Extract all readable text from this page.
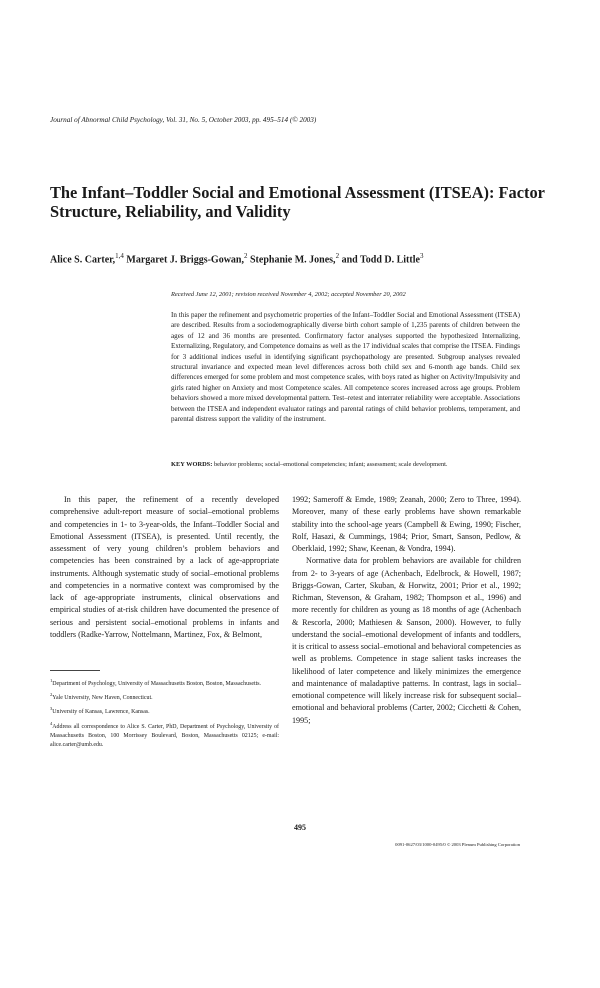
Journal of Abnormal Child Psychology, Vol. 31, No. 5, October 2003, pp. 495–514 (© 2003)
The Infant–Toddler Social and Emotional Assessment (ITSEA): Factor Structure, Reliability, and Validity
Alice S. Carter,$^{1,4}$ Margaret J. Briggs-Gowan,$^2$ Stephanie M. Jones,$^2$ and Todd D. Little$^3$
Received June 12, 2001; revision received November 4, 2002; accepted November 20, 2002
In this paper the refinement and psychometric properties of the Infant–Toddler Social and Emotional Assessment (ITSEA) are described. Results from a sociodemographically diverse birth cohort sample of 1,235 parents of children between the ages of 12 and 36 months are presented. Confirmatory factor analyses supported the hypothesized Internalizing, Externalizing, Regulatory, and Competence domains as well as the 17 individual scales that comprise the ITSEA. Findings for 3 additional indices useful in identifying significant psychopathology are presented. Subgroup analyses revealed structural invariance and expected mean level differences across both child sex and 6-month age bands. Child sex differences emerged for some problem and most competence scales, with boys rated as higher on Activity/Impulsivity and girls rated higher on Anxiety and most Competence scales. All competence scores increased across age groups. Problem behaviors showed a more mixed developmental pattern. Test–retest and interrater reliability were acceptable. Associations between the ITSEA and independent evaluator ratings and parental ratings of child behavior problems, temperament, and parental distress support the validity of the instrument.
KEY WORDS: behavior problems; social–emotional competencies; infant; assessment; scale development.

In this paper, the refinement of a recently developed comprehensive adult-report measure of social–emotional problems and competencies in 1- to 3-year-olds, the Infant–Toddler Social and Emotional Assessment (ITSEA), is presented. Until recently, the assessment of very young children’s problem behaviors and competencies has been constrained by a lack of age-appropriate instruments. Although systematic study of social–emotional problems and competencies in a normative context was compromised by the lack of age-appropriate instruments, clinical observations and empirical studies of at-risk children have documented the presence of serious and persistent social–emotional problems in infants and toddlers (Radke-Yarrow, Nottelmann, Martinez, Fox, & Belmont,

1992; Sameroff & Emde, 1989; Zeanah, 2000; Zero to Three, 1994). Moreover, many of these early problems have shown remarkable stability into the school-age years (Campbell & Ewing, 1990; Fischer, Rolf, Hasazi, & Cummings, 1984; Prior, Smart, Sanson, Pedlow, & Oberklaid, 1992; Shaw, Keenan, & Vondra, 1994).

Normative data for problem behaviors are available for children from 2- to 3-years of age (Achenbach, Edelbrock, & Howell, 1987; Briggs-Gowan, Carter, Skuban, & Horwitz, 2001; Prior et al., 1992; Richman, Stevenson, & Graham, 1982; Thompson et al., 1996) and more recently for children as young as 18 months of age (Achenbach & Rescorla, 2000; Mathiesen & Sanson, 2000). However, to fully understand the social–emotional development of infants and toddlers, it is critical to assess social–emotional and behavioral competencies as well as problems. Competence in stage salient tasks increases the likelihood of later competence and likely minimizes the emergence and maintenance of maladaptive patterns. In contrast, lags in social–emotional competence will likely increase risk for subsequent social–emotional and behavioral problems (Carter, 2002; Cicchetti & Cohen, 1995;

$^1$Department of Psychology, University of Massachusetts Boston, Boston, Massachusetts.

$^2$Yale University, New Haven, Connecticut.

$^3$University of Kansas, Lawrence, Kansas.

$^4$Address all correspondence to Alice S. Carter, PhD, Department of Psychology, University of Massachusetts Boston, 100 Morrissey Boulevard, Boston, Massachusetts 02125; e-mail: alice.carter@umb.edu.

495
0091-0627/03/1000-0495/0 © 2003 Plenum Publishing Corporation
